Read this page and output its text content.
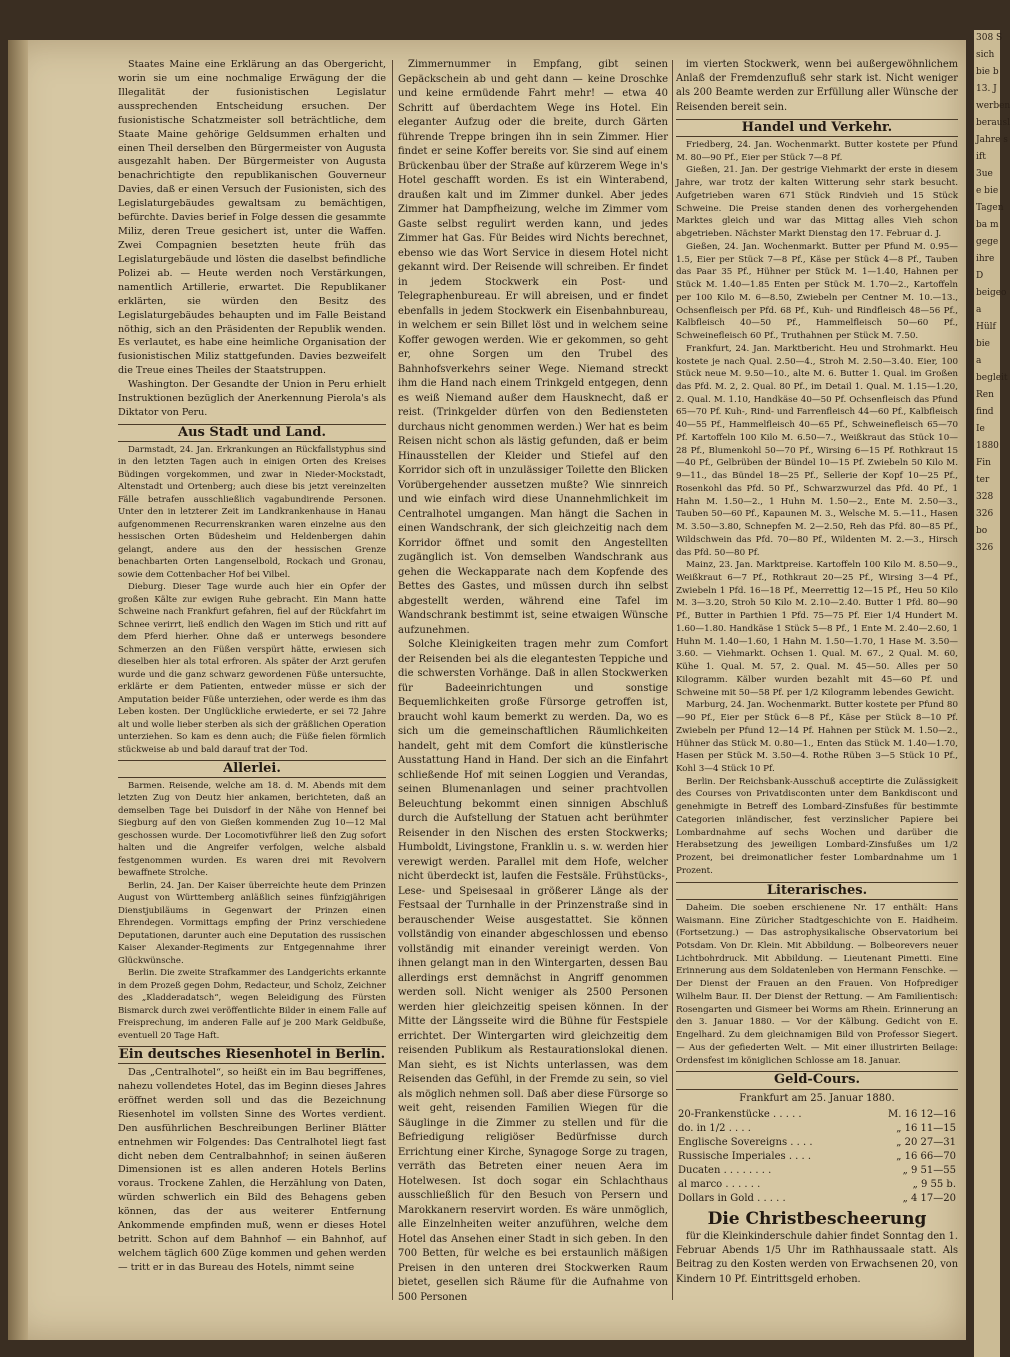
Staates Maine eine Erklärung an das Obergericht, worin sie um eine nochmalige Erwägung der die Illegalität der fusionistischen Legislatur aussprechenden Entscheidung ersuchen. Der fusionistische Schatzmeister soll beträchtliche, dem Staate Maine gehörige Geldsummen erhalten und einen Theil derselben den Bürgermeister von Augusta ausgezahlt haben. Der Bürgermeister von Augusta benachrichtigte den republikanischen Gouverneur Davies, daß er einen Versuch der Fusionisten, sich des Legislaturgebäudes gewaltsam zu bemächtigen, befürchte. Davies berief in Folge dessen die gesammte Miliz, deren Treue gesichert ist, unter die Waffen. Zwei Compagnien besetzten heute früh das Legislaturgebäude und lösten die daselbst befindliche Polizei ab. — Heute werden noch Verstärkungen, namentlich Artillerie, erwartet. Die Republikaner erklärten, sie würden den Besitz des Legislaturgebäudes behaupten und im Falle Beistand nöthig, sich an den Präsidenten der Republik wenden. Es verlautet, es habe eine heimliche Organisation der fusionistischen Miliz stattgefunden. Davies bezweifelt die Treue eines Theiles der Staatstruppen.

Washington. Der Gesandte der Union in Peru erhielt Instruktionen bezüglich der Anerkennung Pierola's als Diktator von Peru.

Aus Stadt und Land.

Darmstadt, 24. Jan. Erkrankungen an Rückfallstyphus sind in den letzten Tagen auch in einigen Orten des Kreises Büdingen vorgekommen, und zwar in Nieder-Mockstadt, Altenstadt und Ortenberg; auch diese bis jetzt vereinzelten Fälle betrafen ausschließlich vagabundirende Personen. Unter den in letzterer Zeit im Landkrankenhause in Hanau aufgenommenen Recurrenskranken waren einzelne aus den hessischen Orten Büdesheim und Heldenbergen dahin gelangt, andere aus den der hessischen Grenze benachbarten Orten Langenselbold, Rockach und Gronau, sowie dem Cottenbacher Hof bei Vilbel.

Dieburg. Dieser Tage wurde auch hier ein Opfer der großen Kälte zur ewigen Ruhe gebracht. Ein Mann hatte Schweine nach Frankfurt gefahren, fiel auf der Rückfahrt im Schnee verirrt, ließ endlich den Wagen im Stich und ritt auf dem Pferd hierher. Ohne daß er unterwegs besondere Schmerzen an den Füßen verspürt hätte, erwiesen sich dieselben hier als total erfroren. Als später der Arzt gerufen wurde und die ganz schwarz gewordenen Füße untersuchte, erklärte er dem Patienten, entweder müsse er sich der Amputation beider Füße unterziehen, oder werde es ihm das Leben kosten. Der Unglückliche erwiederte, er sei 72 Jahre alt und wolle lieber sterben als sich der gräßlichen Operation unterziehen. So kam es denn auch; die Füße fielen förmlich stückweise ab und bald darauf trat der Tod.

Allerlei.

Barmen. Reisende, welche am 18. d. M. Abends mit dem letzten Zug von Deutz hier ankamen, berichteten, daß an demselben Tage bei Duisdorf in der Nähe von Hennef bei Siegburg auf den von Gießen kommenden Zug 10—12 Mal geschossen wurde. Der Locomotivführer ließ den Zug sofort halten und die Angreifer verfolgen, welche alsbald festgenommen wurden. Es waren drei mit Revolvern bewaffnete Strolche.

Berlin, 24. Jan. Der Kaiser überreichte heute dem Prinzen August von Württemberg anläßlich seines fünfzigjährigen Dienstjubiläums in Gegenwart der Prinzen einen Ehrendegen. Vormittags empfing der Prinz verschiedene Deputationen, darunter auch eine Deputation des russischen Kaiser Alexander-Regiments zur Entgegennahme ihrer Glückwünsche.

Berlin. Die zweite Strafkammer des Landgerichts erkannte in dem Prozeß gegen Dohm, Redacteur, und Scholz, Zeichner des „Kladderadatsch“, wegen Beleidigung des Fürsten Bismarck durch zwei veröffentlichte Bilder in einem Falle auf Freisprechung, im anderen Falle auf je 200 Mark Geldbuße, eventuell 20 Tage Haft.

Ein deutsches Riesenhotel in Berlin.

Das „Centralhotel“, so heißt ein im Bau begriffenes, nahezu vollendetes Hotel, das im Beginn dieses Jahres eröffnet werden soll und das die Bezeichnung Riesenhotel im vollsten Sinne des Wortes verdient. Den ausführlichen Beschreibungen Berliner Blätter entnehmen wir Folgendes: Das Centralhotel liegt fast dicht neben dem Centralbahnhof; in seinen äußeren Dimensionen ist es allen anderen Hotels Berlins voraus. Trockene Zahlen, die Herzählung von Daten, würden schwerlich ein Bild des Behagens geben können, das der aus weiterer Entfernung Ankommende empfinden muß, wenn er dieses Hotel betritt. Schon auf dem Bahnhof — ein Bahnhof, auf welchem täglich 600 Züge kommen und gehen werden — tritt er in das Bureau des Hotels, nimmt seine

Zimmernummer in Empfang, gibt seinen Gepäckschein ab und geht dann — keine Droschke und keine ermüdende Fahrt mehr! — etwa 40 Schritt auf überdachtem Wege ins Hotel. Ein eleganter Aufzug oder die breite, durch Gärten führende Treppe bringen ihn in sein Zimmer. Hier findet er seine Koffer bereits vor. Sie sind auf einem Brückenbau über der Straße auf kürzerem Wege in's Hotel geschafft worden. Es ist ein Winterabend, draußen kalt und im Zimmer dunkel. Aber jedes Zimmer hat Dampfheizung, welche im Zimmer vom Gaste selbst regulirt werden kann, und jedes Zimmer hat Gas. Für Beides wird Nichts berechnet, ebenso wie das Wort Service in diesem Hotel nicht gekannt wird. Der Reisende will schreiben. Er findet in jedem Stockwerk ein Post- und Telegraphenbureau. Er will abreisen, und er findet ebenfalls in jedem Stockwerk ein Eisenbahnbureau, in welchem er sein Billet löst und in welchem seine Koffer gewogen werden. Wie er gekommen, so geht er, ohne Sorgen um den Trubel des Bahnhofsverkehrs seiner Wege. Niemand streckt ihm die Hand nach einem Trinkgeld entgegen, denn es weiß Niemand außer dem Hausknecht, daß er reist. (Trinkgelder dürfen von den Bediensteten durchaus nicht genommen werden.) Wer hat es beim Reisen nicht schon als lästig gefunden, daß er beim Hinausstellen der Kleider und Stiefel auf den Korridor sich oft in unzulässiger Toilette den Blicken Vorübergehender aussetzen mußte? Wie sinnreich und wie einfach wird diese Unannehmlichkeit im Centralhotel umgangen. Man hängt die Sachen in einen Wandschrank, der sich gleichzeitig nach dem Korridor öffnet und somit den Angestellten zugänglich ist. Von demselben Wandschrank aus gehen die Weckapparate nach dem Kopfende des Bettes des Gastes, und müssen durch ihn selbst abgestellt werden, während eine Tafel im Wandschrank bestimmt ist, seine etwaigen Wünsche aufzunehmen.

Solche Kleinigkeiten tragen mehr zum Comfort der Reisenden bei als die elegantesten Teppiche und die schwersten Vorhänge. Daß in allen Stockwerken für Badeeinrichtungen und sonstige Bequemlichkeiten große Fürsorge getroffen ist, braucht wohl kaum bemerkt zu werden. Da, wo es sich um die gemeinschaftlichen Räumlichkeiten handelt, geht mit dem Comfort die künstlerische Ausstattung Hand in Hand. Der sich an die Einfahrt schließende Hof mit seinen Loggien und Verandas, seinen Blumenanlagen und seiner prachtvollen Beleuchtung bekommt einen sinnigen Abschluß durch die Aufstellung der Statuen acht berühmter Reisender in den Nischen des ersten Stockwerks; Humboldt, Livingstone, Franklin u. s. w. werden hier verewigt werden. Parallel mit dem Hofe, welcher nicht überdeckt ist, laufen die Festsäle. Frühstücks-, Lese- und Speisesaal in größerer Länge als der Festsaal der Turnhalle in der Prinzenstraße sind in berauschender Weise ausgestattet. Sie können vollständig von einander abgeschlossen und ebenso vollständig mit einander vereinigt werden. Von ihnen gelangt man in den Wintergarten, dessen Bau allerdings erst demnächst in Angriff genommen werden soll. Nicht weniger als 2500 Personen werden hier gleichzeitig speisen können. In der Mitte der Längsseite wird die Bühne für Festspiele errichtet. Der Wintergarten wird gleichzeitig dem reisenden Publikum als Restaurationslokal dienen. Man sieht, es ist Nichts unterlassen, was dem Reisenden das Gefühl, in der Fremde zu sein, so viel als möglich nehmen soll. Daß aber diese Fürsorge so weit geht, reisenden Familien Wiegen für die Säuglinge in die Zimmer zu stellen und für die Befriedigung religiöser Bedürfnisse durch Errichtung einer Kirche, Synagoge Sorge zu tragen, verräth das Betreten einer neuen Aera im Hotelwesen. Ist doch sogar ein Schlachthaus ausschließlich für den Besuch von Persern und Marokkanern reservirt worden. Es wäre unmöglich, alle Einzelnheiten weiter anzuführen, welche dem Hotel das Ansehen einer Stadt in sich geben. In den 700 Betten, für welche es bei erstaunlich mäßigen Preisen in den unteren drei Stockwerken Raum bietet, gesellen sich Räume für die Aufnahme von 500 Personen

im vierten Stockwerk, wenn bei außergewöhnlichem Anlaß der Fremdenzufluß sehr stark ist. Nicht weniger als 200 Beamte werden zur Erfüllung aller Wünsche der Reisenden bereit sein.

Handel und Verkehr.

Friedberg, 24. Jan. Wochenmarkt. Butter kostete per Pfund M. 80—90 Pf., Eier per Stück 7—8 Pf.

Gießen, 21. Jan. Der gestrige Viehmarkt der erste in diesem Jahre, war trotz der kalten Witterung sehr stark besucht. Aufgetrieben waren 671 Stück Rindvieh und 15 Stück Schweine. Die Preise standen denen des vorhergehenden Marktes gleich und war das Mittag alles Vieh schon abgetrieben. Nächster Markt Dienstag den 17. Februar d. J.

Gießen, 24. Jan. Wochenmarkt. Butter per Pfund M. 0.95—1.5, Eier per Stück 7—8 Pf., Käse per Stück 4—8 Pf., Tauben das Paar 35 Pf., Hühner per Stück M. 1—1.40, Hahnen per Stück M. 1.40—1.85 Enten per Stück M. 1.70—2., Kartoffeln per 100 Kilo M. 6—8.50, Zwiebeln per Centner M. 10.—13., Ochsenfleisch per Pfd. 68 Pf., Kuh- und Rindfleisch 48—56 Pf., Kalbfleisch 40—50 Pf., Hammelfleisch 50—60 Pf., Schweinefleisch 60 Pf., Truthahnen per Stück M. 7.50.

Frankfurt, 24. Jan. Marktbericht. Heu und Strohmarkt. Heu kostete je nach Qual. 2.50—4., Stroh M. 2.50—3.40. Eier, 100 Stück neue M. 9.50—10., alte M. 6. Butter 1. Qual. im Großen das Pfd. M. 2, 2. Qual. 80 Pf., im Detail 1. Qual. M. 1.15—1.20, 2. Qual. M. 1.10, Handkäse 40—50 Pf. Ochsenfleisch das Pfund 65—70 Pf. Kuh-, Rind- und Farrenfleisch 44—60 Pf., Kalbfleisch 40—55 Pf., Hammelfleisch 40—65 Pf., Schweinefleisch 65—70 Pf. Kartoffeln 100 Kilo M. 6.50—7., Weißkraut das Stück 10—28 Pf., Blumenkohl 50—70 Pf., Wirsing 6—15 Pf. Rothkraut 15—40 Pf., Gelbrüben der Bündel 10—15 Pf. Zwiebeln 50 Kilo M. 9—11., das Bündel 18—25 Pf., Sellerie der Kopf 10—25 Pf., Rosenkohl das Pfd. 50 Pf., Schwarzwurzel das Pfd. 40 Pf., 1 Hahn M. 1.50—2., 1 Huhn M. 1.50—2., Ente M. 2.50—3., Tauben 50—60 Pf., Kapaunen M. 3., Welsche M. 5.—11., Hasen M. 3.50—3.80, Schnepfen M. 2—2.50, Reh das Pfd. 80—85 Pf., Wildschwein das Pfd. 70—80 Pf., Wildenten M. 2.—3., Hirsch das Pfd. 50—80 Pf.

Mainz, 23. Jan. Marktpreise. Kartoffeln 100 Kilo M. 8.50—9., Weißkraut 6—7 Pf., Rothkraut 20—25 Pf., Wirsing 3—4 Pf., Zwiebeln 1 Pfd. 16—18 Pf., Meerrettig 12—15 Pf., Heu 50 Kilo M. 3—3.20, Stroh 50 Kilo M. 2.10—2.40. Butter 1 Pfd. 80—90 Pf., Butter in Parthien 1 Pfd. 75—75 Pf. Eier 1/4 Hundert M. 1.60—1.80. Handkäse 1 Stück 5—8 Pf., 1 Ente M. 2.40—2.60, 1 Huhn M. 1.40—1.60, 1 Hahn M. 1.50—1.70, 1 Hase M. 3.50—3.60. — Viehmarkt. Ochsen 1. Qual. M. 67., 2 Qual. M. 60, Kühe 1. Qual. M. 57, 2. Qual. M. 45—50. Alles per 50 Kilogramm. Kälber wurden bezahlt mit 45—60 Pf. und Schweine mit 50—58 Pf. per 1/2 Kilogramm lebendes Gewicht.

Marburg, 24. Jan. Wochenmarkt. Butter kostete per Pfund 80—90 Pf., Eier per Stück 6—8 Pf., Käse per Stück 8—10 Pf. Zwiebeln per Pfund 12—14 Pf. Hahnen per Stück M. 1.50—2., Hühner das Stück M. 0.80—1., Enten das Stück M. 1.40—1.70, Hasen per Stück M. 3.50—4. Rothe Rüben 3—5 Stück 10 Pf., Kohl 3—4 Stück 10 Pf.

Berlin. Der Reichsbank-Ausschuß acceptirte die Zulässigkeit des Courses von Privatdisconten unter dem Bankdiscont und genehmigte in Betreff des Lombard-Zinsfußes für bestimmte Categorien inländischer, fest verzinslicher Papiere bei Lombardnahme auf sechs Wochen und darüber die Herabsetzung des jeweiligen Lombard-Zinsfußes um 1/2 Prozent, bei dreimonatlicher fester Lombardnahme um 1 Prozent.

Literarisches.

Daheim. Die soeben erschienene Nr. 17 enthält: Hans Waismann. Eine Züricher Stadtgeschichte von E. Haidheim. (Fortsetzung.) — Das astrophysikalische Observatorium bei Potsdam. Von Dr. Klein. Mit Abbildung. — Bolbeorevers neuer Lichtbohrdruck. Mit Abbildung. — Lieutenant Pimetti. Eine Erinnerung aus dem Soldatenleben von Hermann Fenschke. — Der Dienst der Frauen an den Frauen. Von Hofprediger Wilhelm Baur. II. Der Dienst der Rettung. — Am Familientisch: Rosengarten und Gismeer bei Worms am Rhein. Erinnerung an den 3. Januar 1880. — Vor der Kälbung. Gedicht von E. Engelhard. Zu dem gleichnamigen Bild von Professor Siegert. — Aus der gefiederten Welt. — Mit einer illustrirten Beilage: Ordensfest im königlichen Schlosse am 18. Januar.

Geld-Cours.
Frankfurt am 25. Januar 1880.
20-Frankenstücke . . . . .	M. 16 12—16
do. in 1/2 . . . .	„ 16 11—15
Englische Sovereigns . . . .	„ 20 27—31
Russische Imperiales . . . .	„ 16 66—70
Ducaten . . . . . . . .	„ 9 51—55
al marco . . . . . .	„ 9 55 b.
Dollars in Gold . . . . .	„ 4 17—20
Die Christbescheerung

für die Kleinkinderschule dahier findet Sonntag den 1. Februar Abends 1/5 Uhr im Rathhaussaale statt. Als Beitrag zu den Kosten werden von Erwachsenen 20, von Kindern 10 Pf. Eintrittsgeld erhoben.

308 S
sich
bie b
13. J
werben
berausl
Jahre s
ift
3ue
e bie
Tagen
ba m
gege
ihre
D
beigeo
a
Hülf
bie
a
begleit
Ren
find
Ie
1880
Fin
ter
328
326
bo
326
